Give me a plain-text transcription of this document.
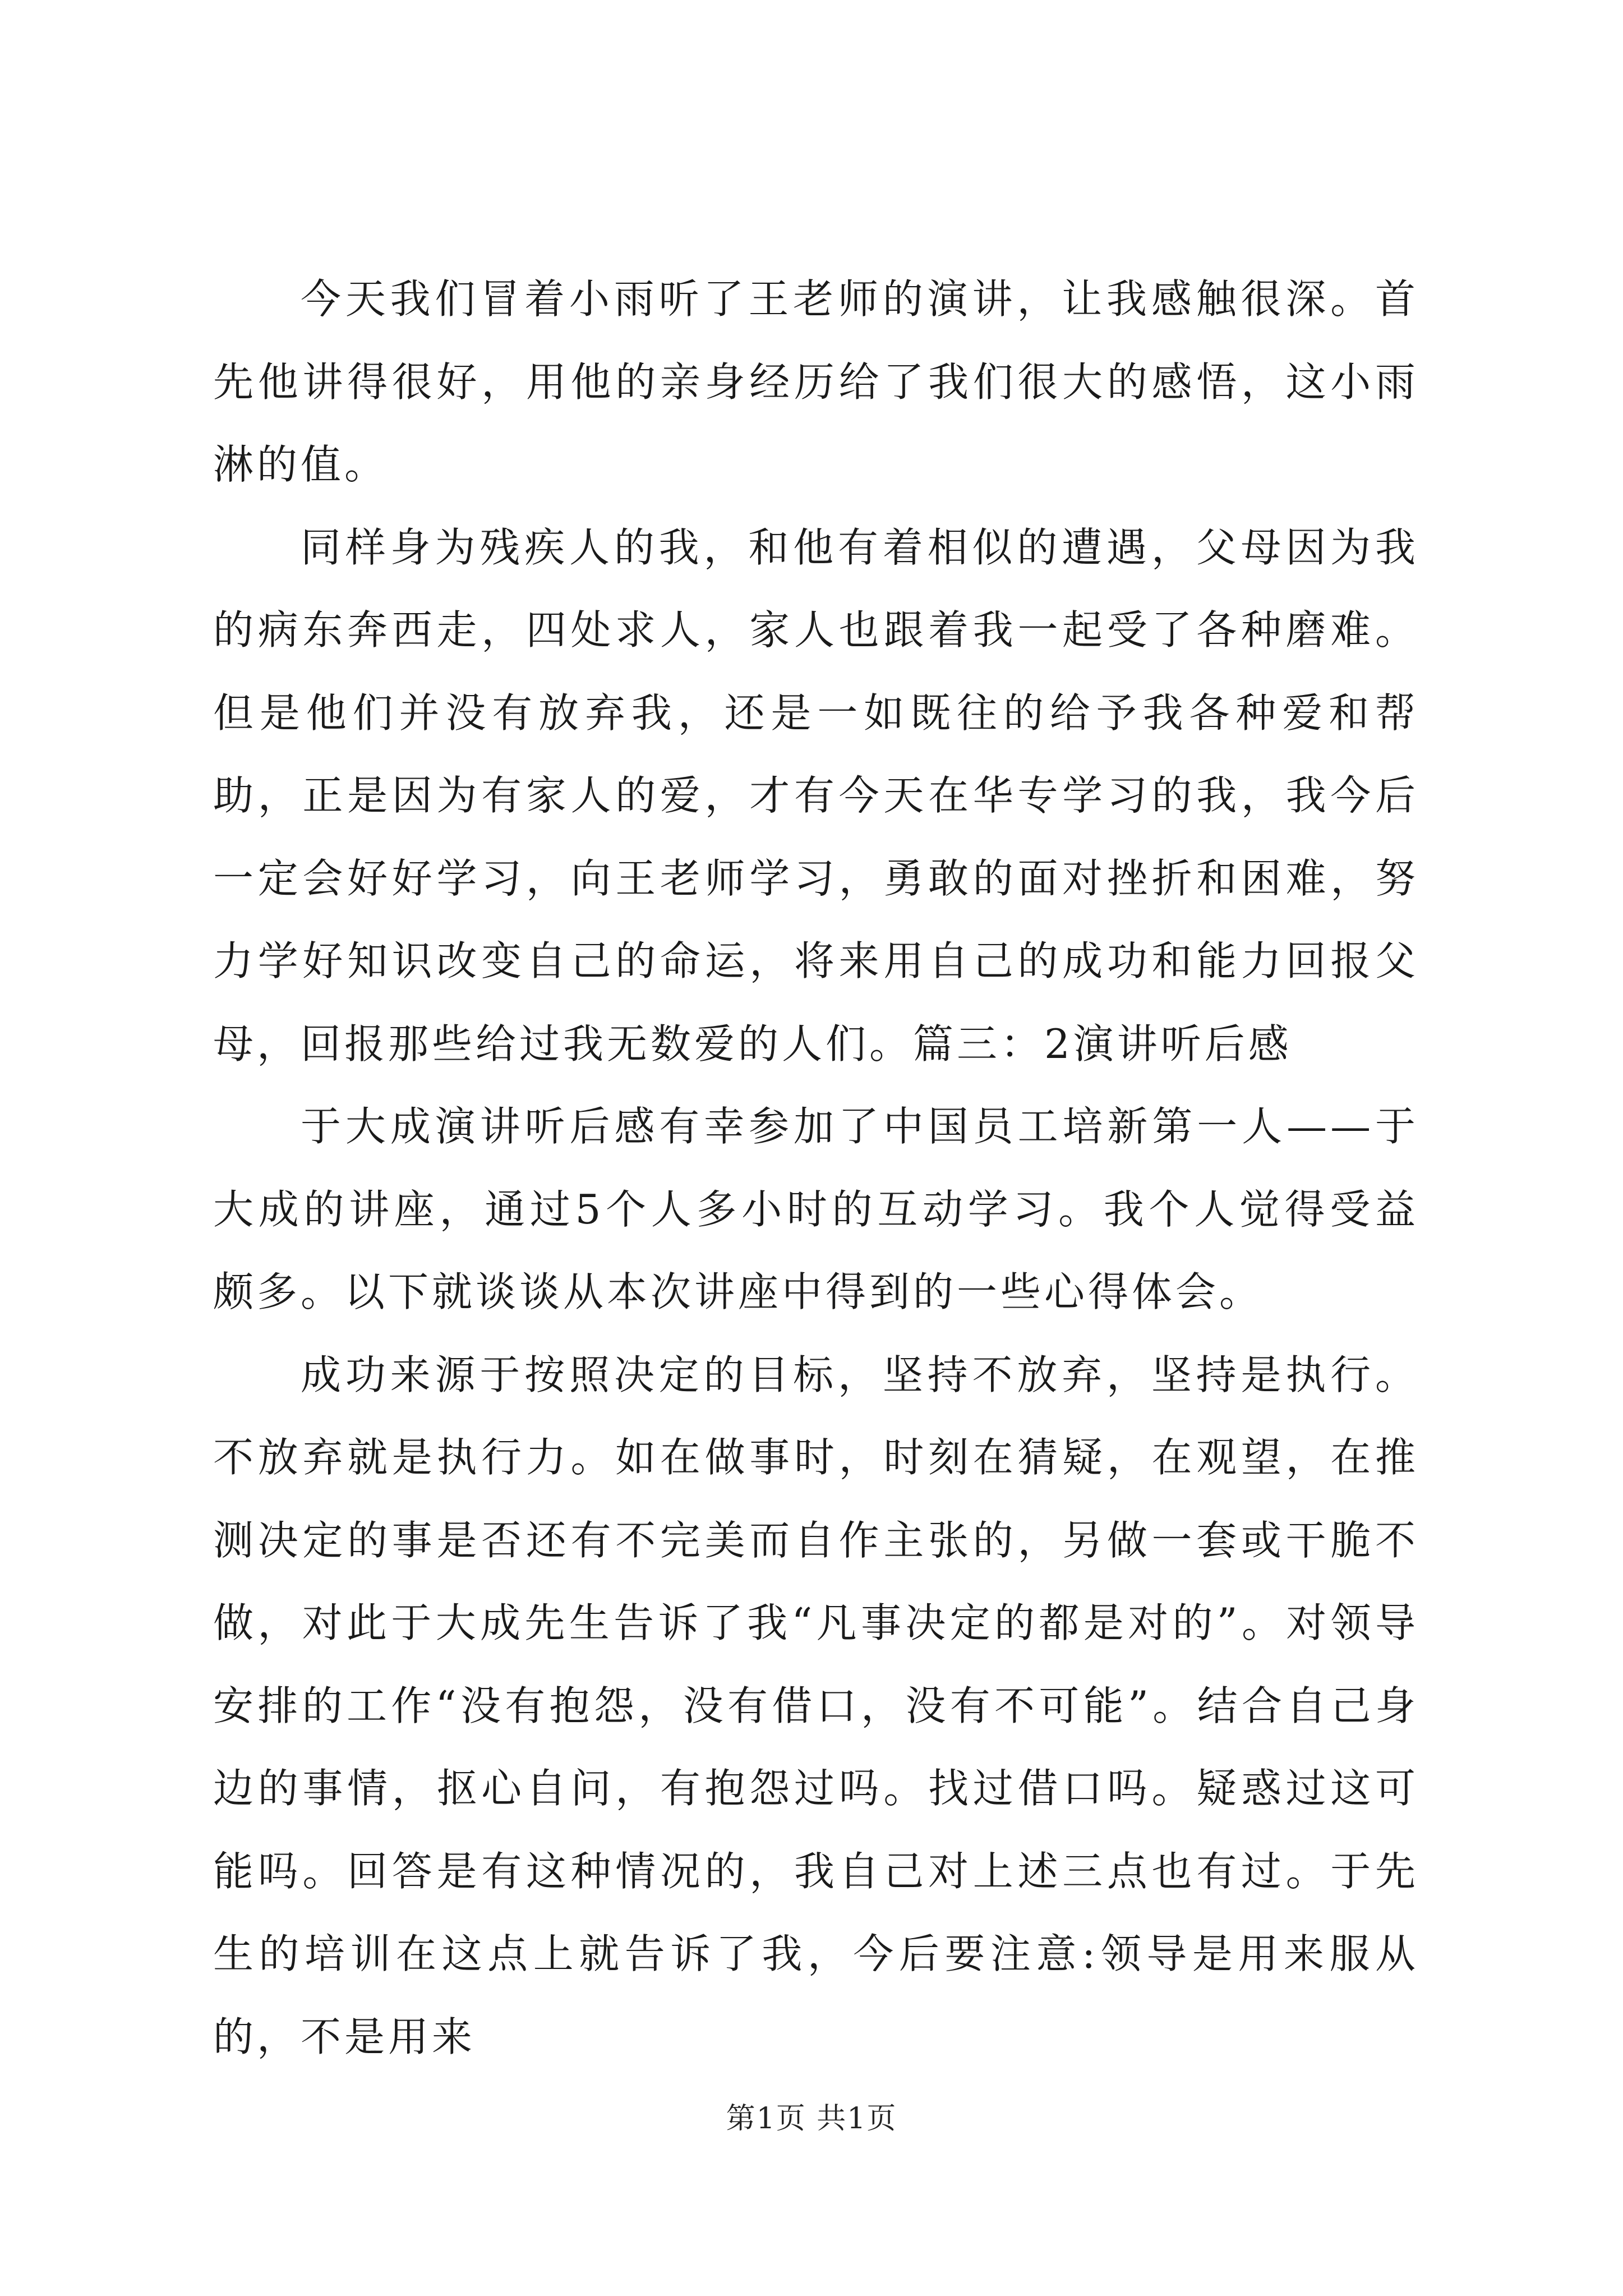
今天我们冒着小雨听了王老师的演讲，让我感触很深。首先他讲得很好，用他的亲身经历给了我们很大的感悟，这小雨淋的值。

同样身为残疾人的我，和他有着相似的遭遇，父母因为我的病东奔西走，四处求人，家人也跟着我一起受了各种磨难。但是他们并没有放弃我，还是一如既往的给予我各种爱和帮助，正是因为有家人的爱，才有今天在华专学习的我，我今后一定会好好学习，向王老师学习，勇敢的面对挫折和困难，努力学好知识改变自己的命运，将来用自己的成功和能力回报父母，回报那些给过我无数爱的人们。篇三：2演讲听后感

于大成演讲听后感有幸参加了中国员工培新第一人——于大成的讲座，通过5个人多小时的互动学习。我个人觉得受益颇多。以下就谈谈从本次讲座中得到的一些心得体会。

成功来源于按照决定的目标，坚持不放弃，坚持是执行。不放弃就是执行力。如在做事时，时刻在猜疑，在观望，在推测决定的事是否还有不完美而自作主张的，另做一套或干脆不做，对此于大成先生告诉了我“凡事决定的都是对的”。对领导安排的工作“没有抱怨，没有借口，没有不可能”。结合自己身边的事情，抠心自问，有抱怨过吗。找过借口吗。疑惑过这可能吗。回答是有这种情况的，我自己对上述三点也有过。于先生的培训在这点上就告诉了我，今后要注意:领导是用来服从的，不是用来

第1页 共1页
